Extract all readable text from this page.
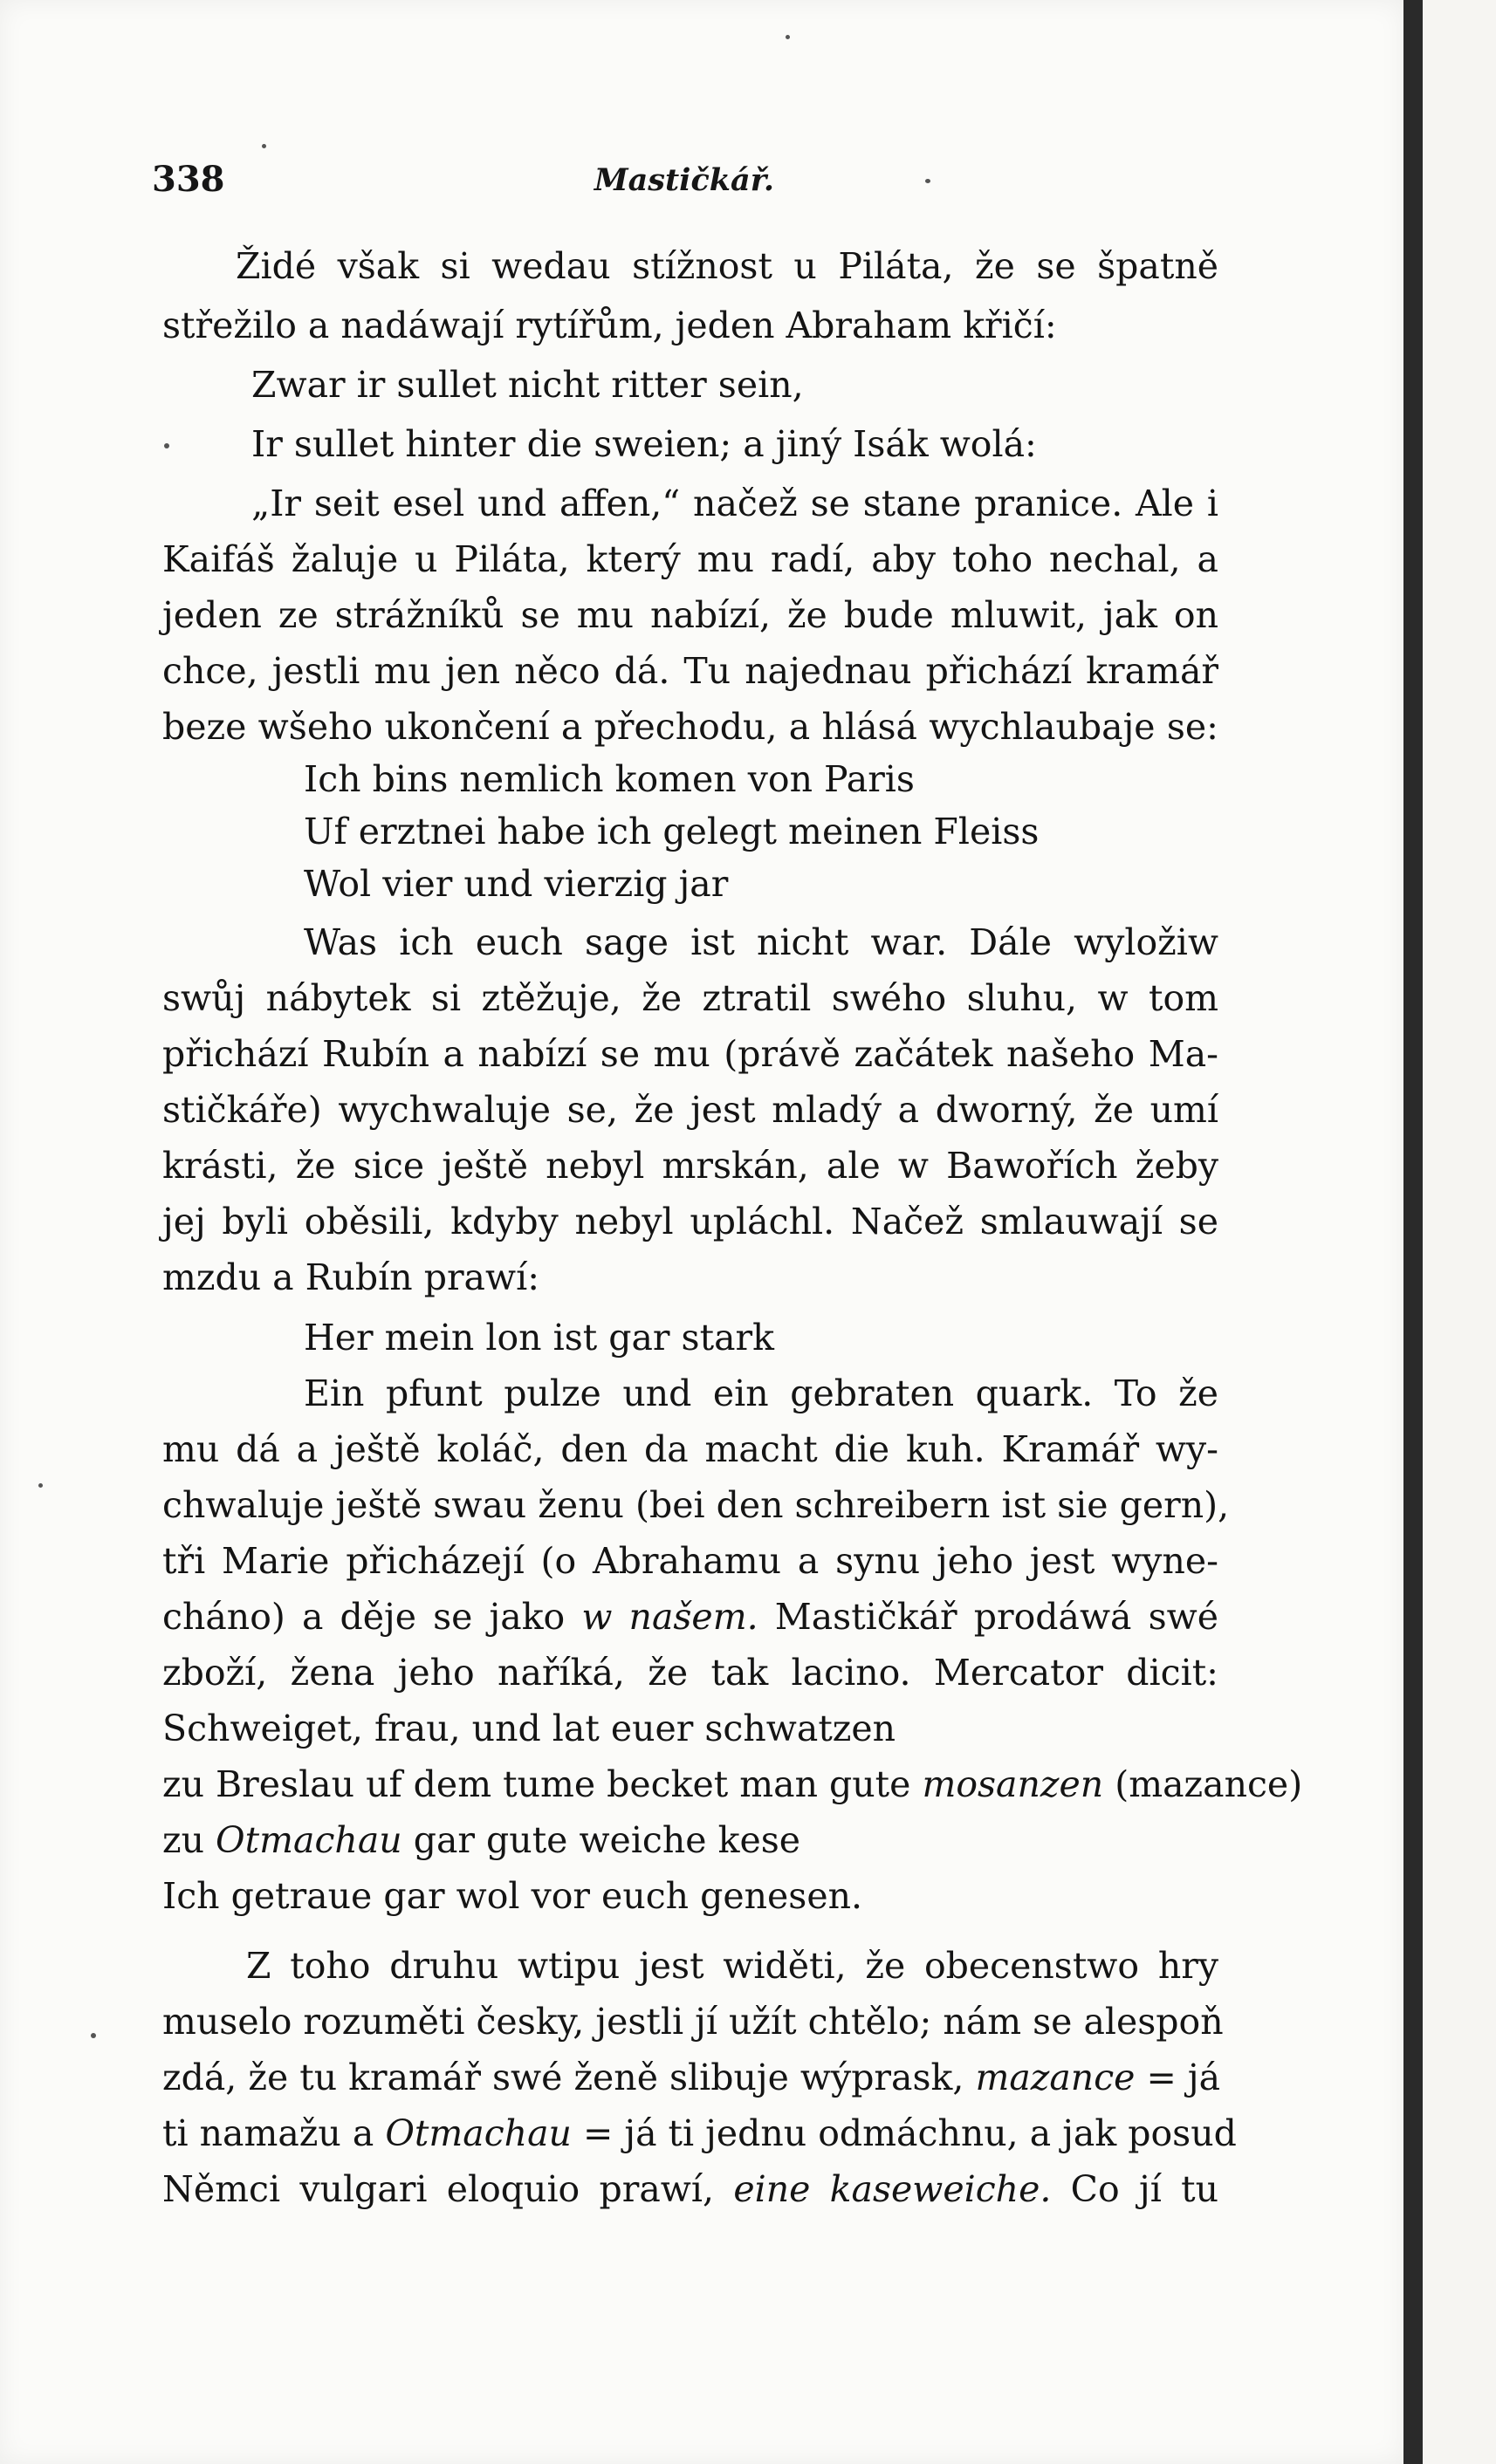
338	Mastičkář.
Židé však si wedau stížnost u Piláta, že se špatně
střežilo a nadáwají rytířům, jeden Abraham křičí:
Zwar ir sullet nicht ritter sein,
Ir sullet hinter die sweien; a jiný Isák wolá:
„Ir seit esel und affen,“ načež se stane pranice. Ale i
Kaifáš žaluje u Piláta, který mu radí, aby toho nechal, a
jeden ze strážníků se mu nabízí, že bude mluwit, jak on
chce, jestli mu jen něco dá. Tu najednau přichází kramář
beze wšeho ukončení a přechodu, a hlásá wychlaubaje se:
Ich bins nemlich komen von Paris
Uf erztnei habe ich gelegt meinen Fleiss
Wol vier und vierzig jar
Was ich euch sage ist nicht war. Dále wyložiw
swůj nábytek si ztěžuje, že ztratil swého sluhu, w tom
přichází Rubín a nabízí se mu (právě začátek našeho Ma-
stičkáře) wychwaluje se, že jest mladý a dworný, že umí
krásti, že sice ještě nebyl mrskán, ale w Bawořích žeby
jej byli oběsili, kdyby nebyl upláchl. Načež smlauwají se
mzdu a Rubín prawí:
Her mein lon ist gar stark
Ein pfunt pulze und ein gebraten quark. To že
mu dá a ještě koláč, den da macht die kuh. Kramář wy-
chwaluje ještě swau ženu (bei den schreibern ist sie gern),
tři Marie přicházejí (o Abrahamu a synu jeho jest wyne-
cháno) a děje se jako w našem. Mastičkář prodáwá swé
zboží, žena jeho naříká, že tak lacino. Mercator dicit:
Schweiget, frau, und lat euer schwatzen
zu Breslau uf dem tume becket man gute mosanzen (mazance)
zu Otmachau gar gute weiche kese
Ich getraue gar wol vor euch genesen.
Z toho druhu wtipu jest widěti, že obecenstwo hry
muselo rozuměti česky, jestli jí užít chtělo; nám se alespoň
zdá, že tu kramář swé ženě slibuje wýprask, mazance = já
ti namažu a Otmachau = já ti jednu odmáchnu, a jak posud
Němci vulgari eloquio prawí, eine kaseweiche. Co jí tu
